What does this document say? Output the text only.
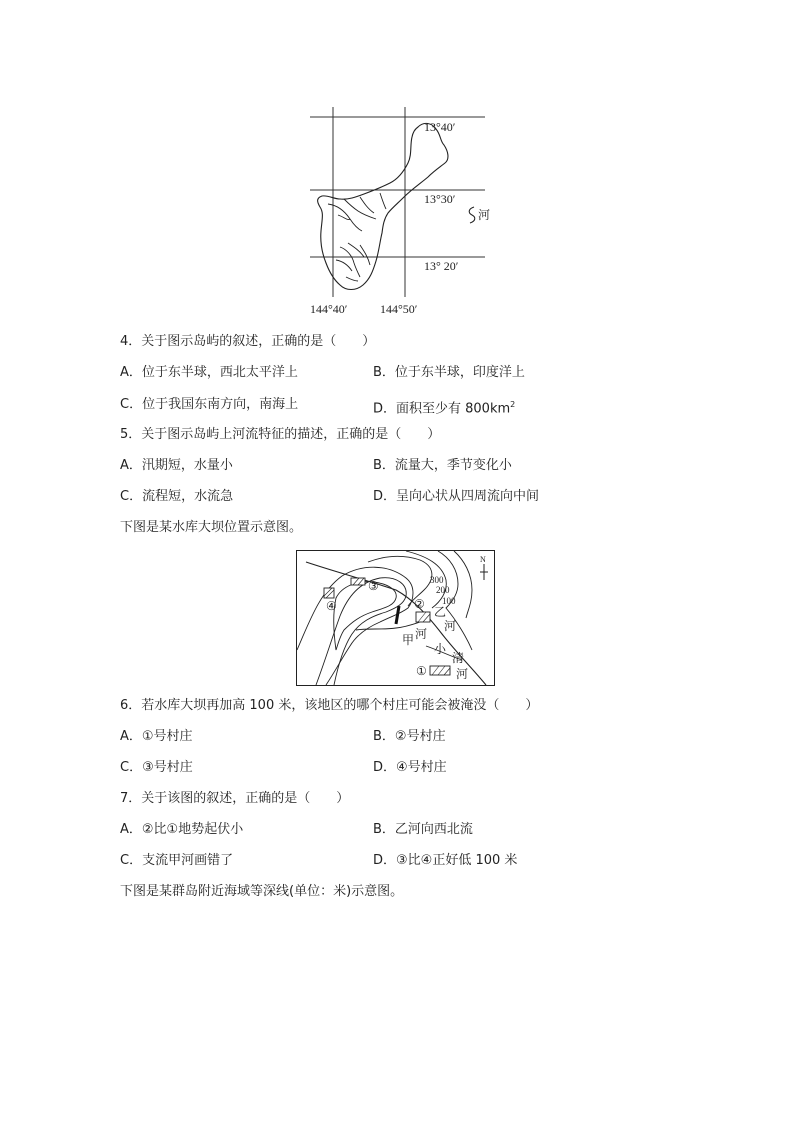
13°40′
13°30′
13° 20′
144°40′	144°50′
河
4．关于图示岛屿的叙述，正确的是（　　）
A．位于东半球，西北太平洋上	B．位于东半球，印度洋上
C．位于我国东南方向，南海上	D．面积至少有 $800km^2$
5．关于图示岛屿上河流特征的描述，正确的是（　　）
A．汛期短，水量小	B．流量大，季节变化小
C．流程短，水流急	D．呈向心状从四周流向中间
下图是某水库大坝位置示意图。
③
④	②
①
300
200
100
N
甲 河
乙
河
小
清
河
6．若水库大坝再加高 100 米，该地区的哪个村庄可能会被淹没（　　）
A．①号村庄	B．②号村庄
C．③号村庄	D．④号村庄
7．关于该图的叙述，正确的是（　　）
A．②比①地势起伏小	B．乙河向西北流
C．支流甲河画错了	D．③比④正好低 100 米
下图是某群岛附近海域等深线(单位：米)示意图。
